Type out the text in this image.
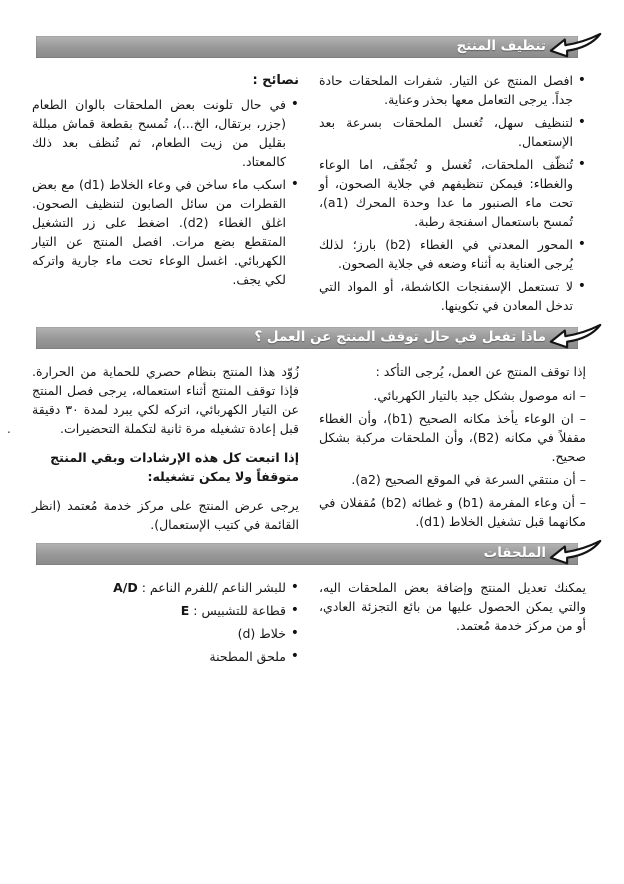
تنظيف المنتج
• افصل المنتج عن التيار. شفرات الملحقات حادة جداً. يرجى التعامل معها بحذر وعناية.
• لتنظيف سهل، تُغسل الملحقات بسرعة بعد الإستعمال.
• تُنظّف الملحقات، تُغسل و تُجفّف، اما الوعاء والغطاء: فيمكن تنظيفهم في جلاية الصحون، أو تحت ماء الصنبور ما عدا وحدة المحرك (a1)، تُمسح باستعمال اسفنجة رطبة.
• المحور المعدني في الغطاء (b2) بارز؛ لذلك يُرجى العناية به أثناء وضعه في جلاية الصحون.
• لا تستعمل الإسفنجات الكاشطة، أو المواد التي تدخل المعادن في تكوينها.

نصائح :

• في حال تلونت بعض الملحقات بالوان الطعام (جزر، برتقال، الخ...)، تُمسح بقطعة قماش مبللة بقليل من زيت الطعام، ثم تُنظف بعد ذلك كالمعتاد.
• اسكب ماء ساخن في وعاء الخلاط (d1) مع بعض القطرات من سائل الصابون لتنظيف الصحون. اغلق الغطاء (d2). اضغط على زر التشغيل المتقطع بضع مرات. افصل المنتج عن التيار الكهربائي. اغسل الوعاء تحت ماء جارية واتركه لكي يجف.
ماذا تفعل في حال توقف المنتج عن العمل ؟

إذا توقف المنتج عن العمل، يُرجى التأكد :

– انه موصول بشكل جيد بالتيار الكهربائي.

– ان الوعاء يأخذ مكانه الصحيح (b1)، وأن الغطاء مقفلاً في مكانه (B2)، وأن الملحقات مركبة بشكل صحيح.

– أن منتقي السرعة في الموقع الصحيح (a2).

– أن وعاء المفرمة (b1) و غطائه (b2) مُقفلان في مكانهما قبل تشغيل الخلاط (d1).

زُوّد هذا المنتج بنظام حصري للحماية من الحرارة. فإذا توقف المنتج أثناء استعماله، يرجى فصل المنتج عن التيار الكهربائي، اتركه لكي يبرد لمدة ٣٠ دقيقة قبل إعادة تشغيله مرة ثانية لتكملة التحضيرات.

إذا اتبعت كل هذه الإرشادات وبقي المنتج متوقفاً ولا يمكن تشغيله:

يرجى عرض المنتج على مركز خدمة مُعتمد (انظر القائمة في كتيب الإستعمال).

الملحقات

يمكنك تعديل المنتج وإضافة بعض الملحقات اليه، والتي يمكن الحصول عليها من بائع التجزئة العادي، أو من مركز خدمة مُعتمد.

• للبشر الناعم /للفرم الناعم : A/D
• قطاعة للتشبيس : E
• خلاط (d)
• ملحق المطحنة
.
